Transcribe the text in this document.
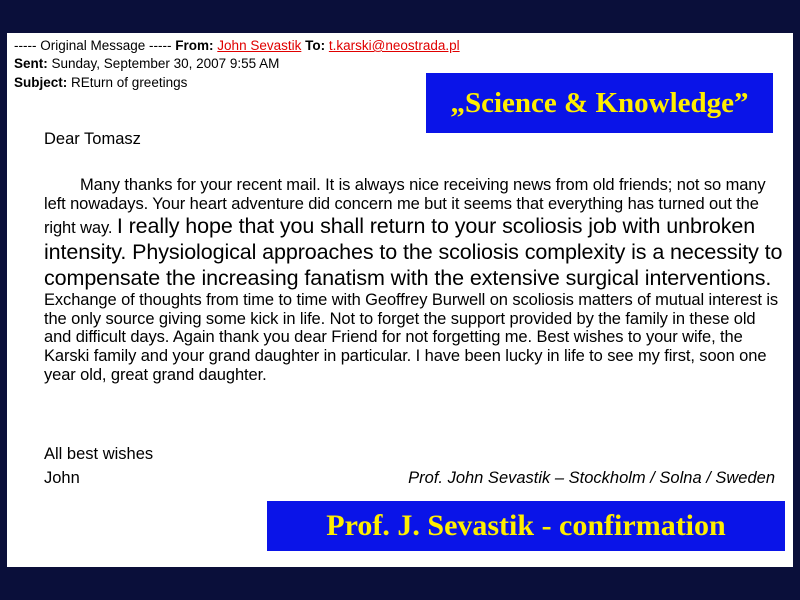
----- Original Message ----- From: John Sevastik To: t.karski@neostrada.pl
Sent: Sunday, September 30, 2007 9:55 AM
Subject: REturn of greetings
„Science & Knowledge”
Dear Tomasz
Many thanks for your recent mail. It is always nice receiving news from old friends; not so many left nowadays. Your heart adventure did concern me but it seems that everything has turned out the right way. I really hope that you shall return to your scoliosis job with unbroken intensity. Physiological approaches to the scoliosis complexity is a necessity to compensate the increasing fanatism with the extensive surgical interventions. Exchange of thoughts from time to time with Geoffrey Burwell on scoliosis matters of mutual interest is the only source giving some kick in life. Not to forget the support provided by the family in these old and difficult days. Again thank you dear Friend for not forgetting me. Best wishes to your wife, the Karski family and your grand daughter in particular. I have been lucky in life to see my first, soon one year old, great grand daughter.
All best wishes
John	Prof. John Sevastik – Stockholm / Solna / Sweden
Prof. J. Sevastik - confirmation
